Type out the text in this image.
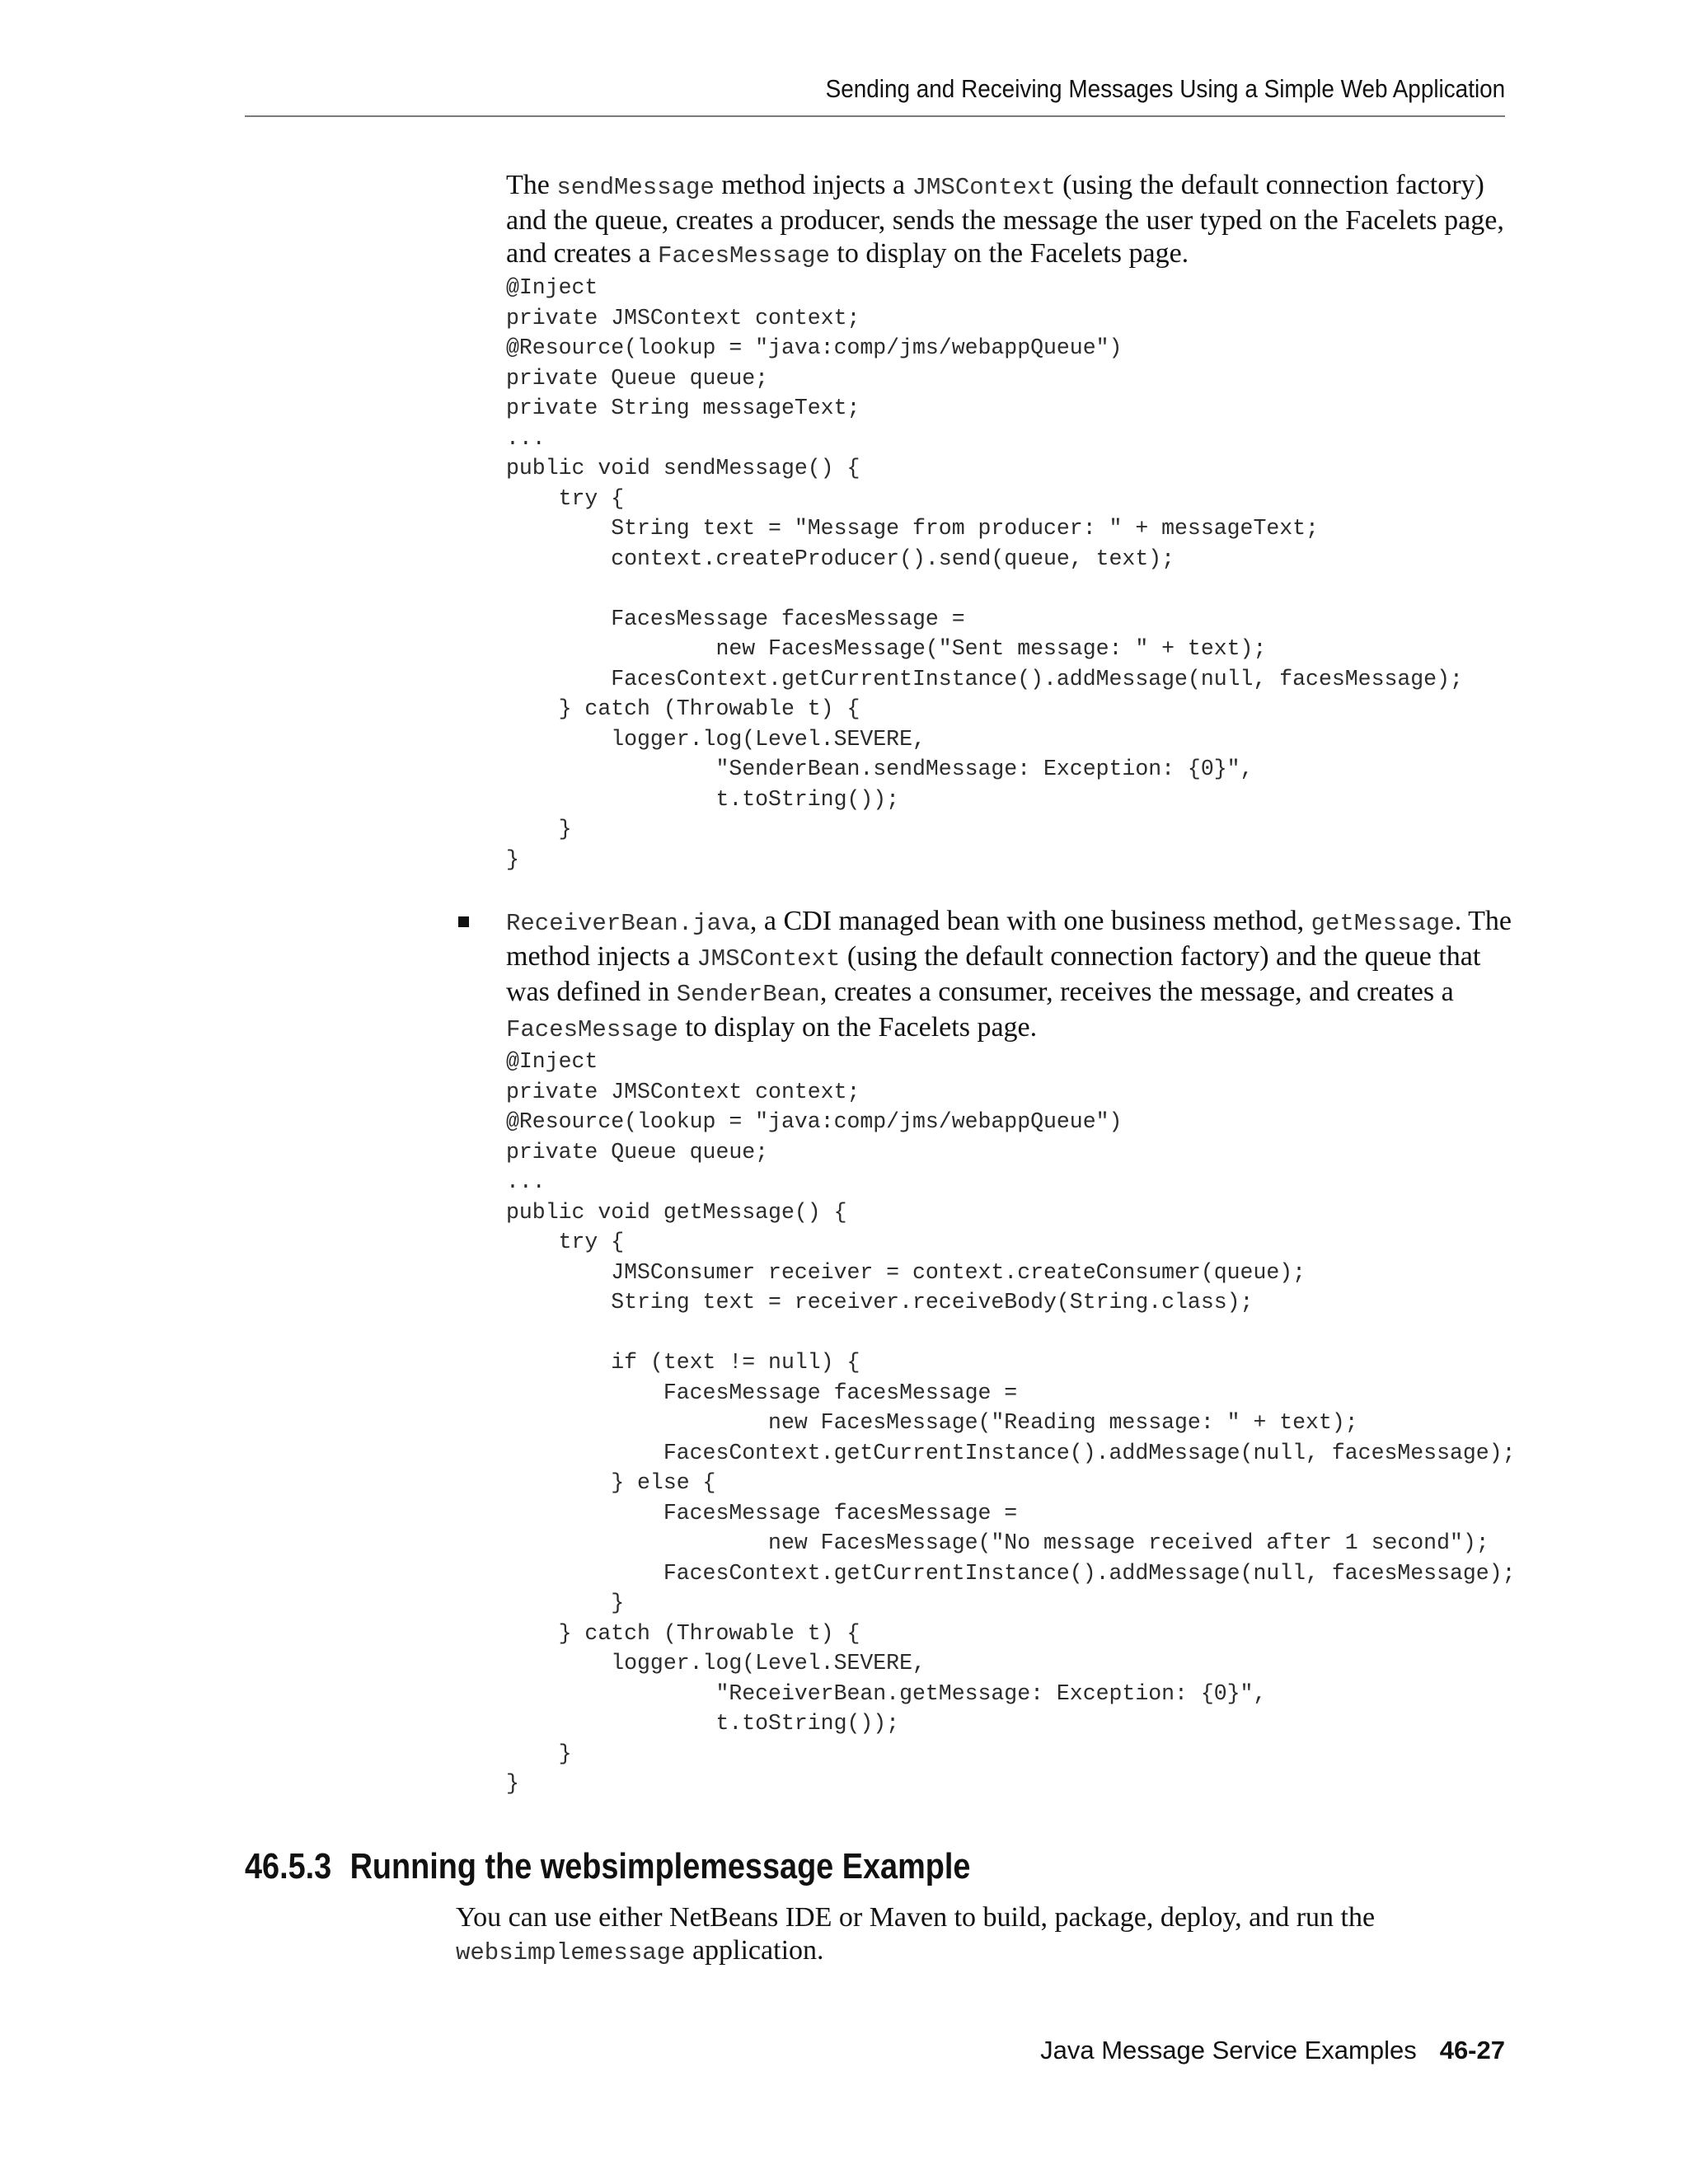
Sending and Receiving Messages Using a Simple Web Application

The sendMessage method injects a JMSContext (using the default connection factory) and the queue, creates a producer, sends the message the user typed on the Facelets page, and creates a FacesMessage to display on the Facelets page.

@Inject
private JMSContext context;
@Resource(lookup = "java:comp/jms/webappQueue")
private Queue queue;
private String messageText;
...
public void sendMessage() {
try {
String text = "Message from producer: " + messageText;
context.createProducer().send(queue, text);

FacesMessage facesMessage =
new FacesMessage("Sent message: " + text);
FacesContext.getCurrentInstance().addMessage(null, facesMessage);
} catch (Throwable t) {
logger.log(Level.SEVERE,
"SenderBean.sendMessage: Exception: {0}",
t.toString());
}
}

ReceiverBean.java, a CDI managed bean with one business method, getMessage. The method injects a JMSContext (using the default connection factory) and the queue that was defined in SenderBean, creates a consumer, receives the message, and creates a FacesMessage to display on the Facelets page.

@Inject
private JMSContext context;
@Resource(lookup = "java:comp/jms/webappQueue")
private Queue queue;
...
public void getMessage() {
try {
JMSConsumer receiver = context.createConsumer(queue);
String text = receiver.receiveBody(String.class);

if (text != null) {
FacesMessage facesMessage =
new FacesMessage("Reading message: " + text);
FacesContext.getCurrentInstance().addMessage(null, facesMessage);
} else {
FacesMessage facesMessage =
new FacesMessage("No message received after 1 second");
FacesContext.getCurrentInstance().addMessage(null, facesMessage);
}
} catch (Throwable t) {
logger.log(Level.SEVERE,
"ReceiverBean.getMessage: Exception: {0}",
t.toString());
}
}
46.5.3 Running the websimplemessage Example

You can use either NetBeans IDE or Maven to build, package, deploy, and run the websimplemessage application.

Java Message Service Examples 46-27
